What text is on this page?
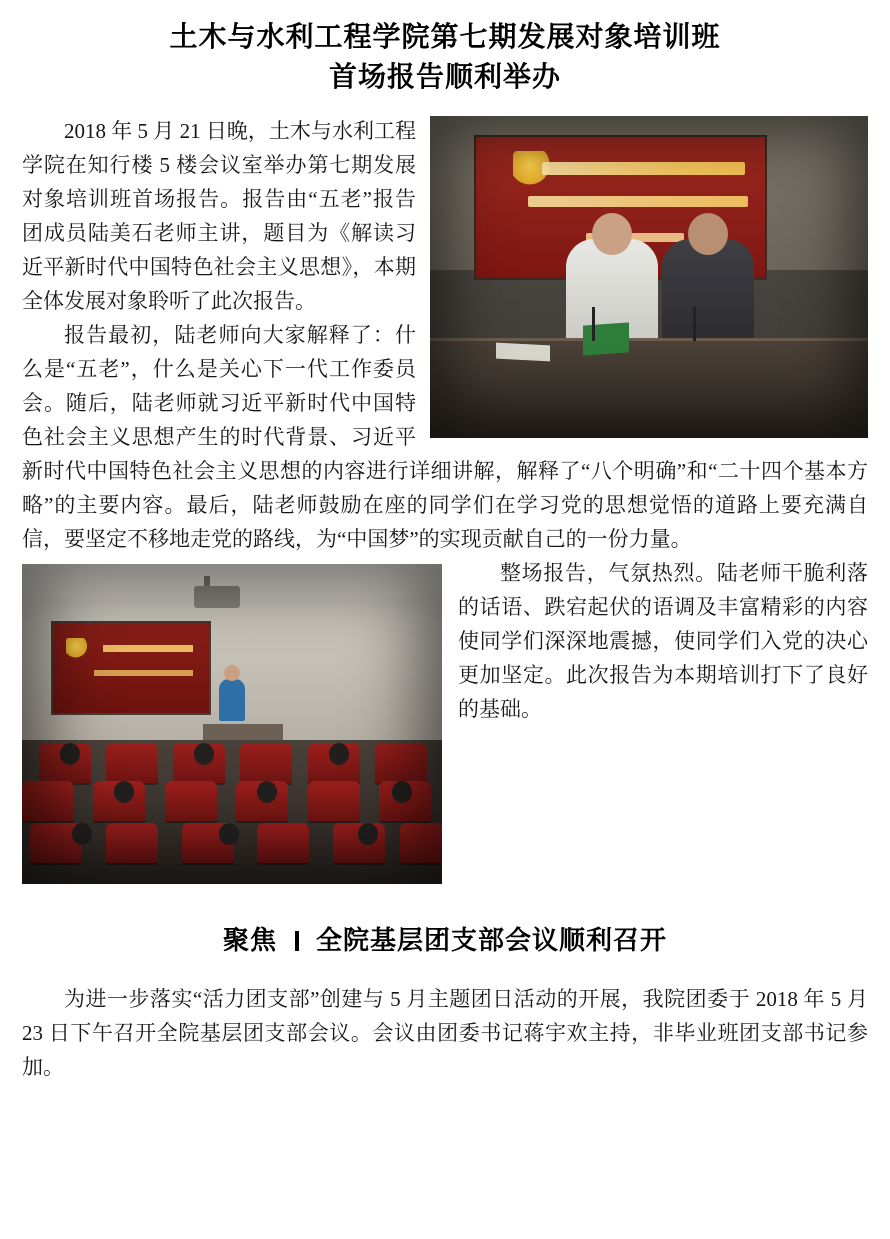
土木与水利工程学院第七期发展对象培训班
首场报告顺利举办

2018 年 5 月 21 日晚，土木与水利工程学院在知行楼 5 楼会议室举办第七期发展对象培训班首场报告。报告由“五老”报告团成员陆美石老师主讲，题目为《解读习近平新时代中国特色社会主义思想》，本期全体发展对象聆听了此次报告。

报告最初，陆老师向大家解释了：什么是“五老”，什么是关心下一代工作委员会。随后，陆老师就习近平新时代中国特色社会主义思想产生的时代背景、习近平新时代中国特色社会主义思想的内容进行详细讲解，解释了“八个明确”和“二十四个基本方略”的主要内容。最后，陆老师鼓励在座的同学们在学习党的思想觉悟的道路上要充满自信，要坚定不移地走党的路线，为“中国梦”的实现贡献自己的一份力量。

整场报告，气氛热烈。陆老师干脆利落的话语、跌宕起伏的语调及丰富精彩的内容使同学们深深地震撼，使同学们入党的决心更加坚定。此次报告为本期培训打下了良好的基础。

聚焦 全院基层团支部会议顺利召开

为进一步落实“活力团支部”创建与 5 月主题团日活动的开展，我院团委于 2018 年 5 月 23 日下午召开全院基层团支部会议。会议由团委书记蒋宇欢主持，非毕业班团支部书记参加。
